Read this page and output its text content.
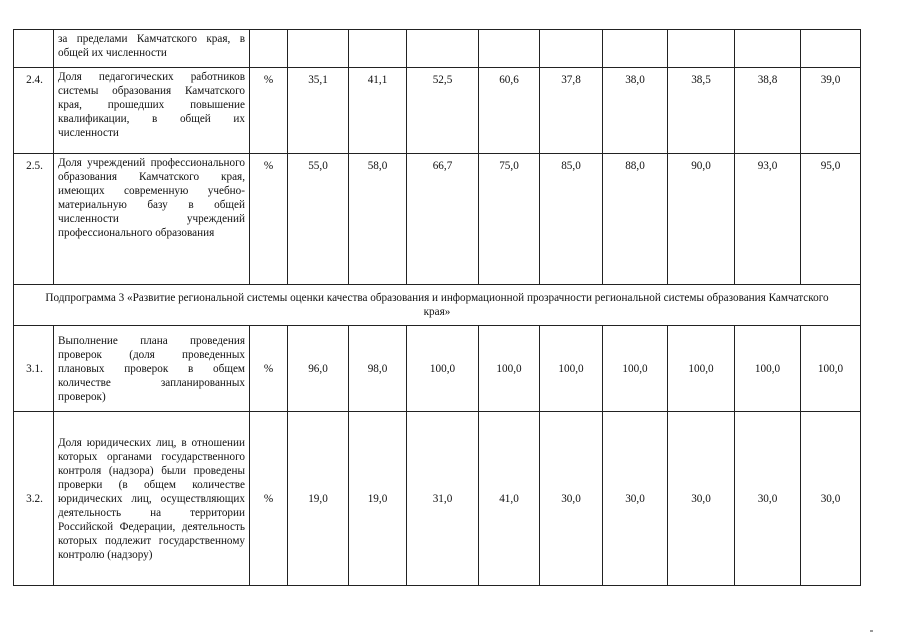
	за пределами Камчатского края, в общей их численности										
2.4.	Доля педагогических работников системы образования Камчатского края, прошедших повышение квалификации, в общей их численности	%	35,1	41,1	52,5	60,6	37,8	38,0	38,5	38,8	39,0
2.5.	Доля учреждений профессионального образования Камчатского края, имеющих современную учебно-материальную базу в общей численности учреждений профессионального образования	%	55,0	58,0	66,7	75,0	85,0	88,0	90,0	93,0	95,0
Подпрограмма 3 «Развитие региональной системы оценки качества образования и информационной прозрачности региональной системы образования Камчатского края»											
3.1.	Выполнение плана проведения проверок (доля проведенных плановых проверок в общем количестве запланированных проверок)	%	96,0	98,0	100,0	100,0	100,0	100,0	100,0	100,0	100,0
3.2.	Доля юридических лиц, в отношении которых органами государственного контроля (надзора) были проведены проверки (в общем количестве юридических лиц, осуществляющих деятельность на территории Российской Федерации, деятельность которых подлежит государственному контролю (надзору)	%	19,0	19,0	31,0	41,0	30,0	30,0	30,0	30,0	30,0
